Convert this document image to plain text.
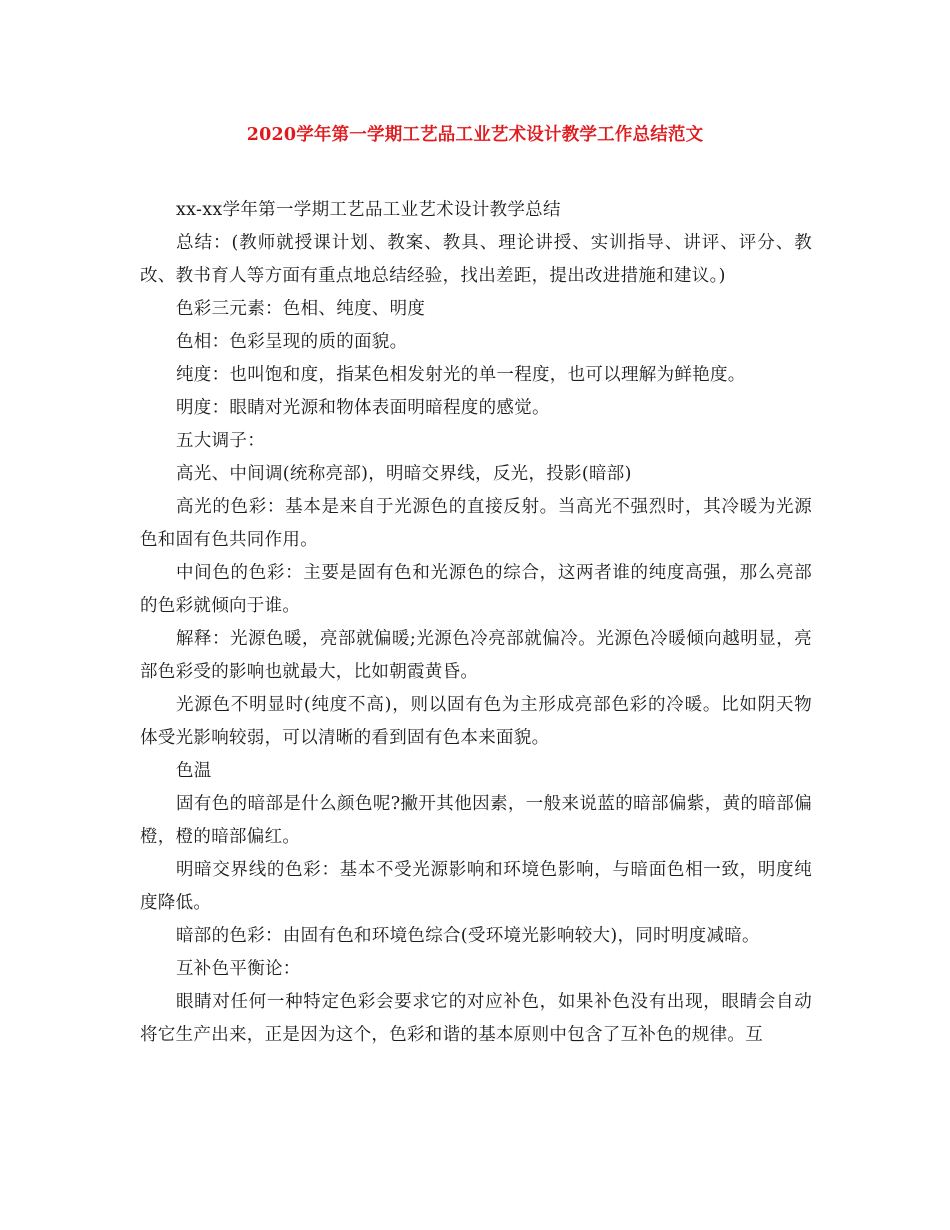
2020学年第一学期工艺品工业艺术设计教学工作总结范文

xx-xx学年第一学期工艺品工业艺术设计教学总结

总结：(教师就授课计划、教案、教具、理论讲授、实训指导、讲评、评分、教改、教书育人等方面有重点地总结经验，找出差距，提出改进措施和建议。)

色彩三元素：色相、纯度、明度

色相：色彩呈现的质的面貌。

纯度：也叫饱和度，指某色相发射光的单一程度，也可以理解为鲜艳度。

明度：眼睛对光源和物体表面明暗程度的感觉。

五大调子：

高光、中间调(统称亮部)，明暗交界线，反光，投影(暗部)

高光的色彩：基本是来自于光源色的直接反射。当高光不强烈时，其冷暖为光源色和固有色共同作用。

中间色的色彩：主要是固有色和光源色的综合，这两者谁的纯度高强，那么亮部的色彩就倾向于谁。

解释：光源色暖，亮部就偏暖;光源色冷亮部就偏冷。光源色冷暖倾向越明显，亮部色彩受的影响也就最大，比如朝霞黄昏。

光源色不明显时(纯度不高)，则以固有色为主形成亮部色彩的冷暖。比如阴天物体受光影响较弱，可以清晰的看到固有色本来面貌。

色温

固有色的暗部是什么颜色呢?撇开其他因素，一般来说蓝的暗部偏紫，黄的暗部偏橙，橙的暗部偏红。

明暗交界线的色彩：基本不受光源影响和环境色影响，与暗面色相一致，明度纯度降低。

暗部的色彩：由固有色和环境色综合(受环境光影响较大)，同时明度减暗。

互补色平衡论：

眼睛对任何一种特定色彩会要求它的对应补色，如果补色没有出现，眼睛会自动将它生产出来，正是因为这个，色彩和谐的基本原则中包含了互补色的规律。互
